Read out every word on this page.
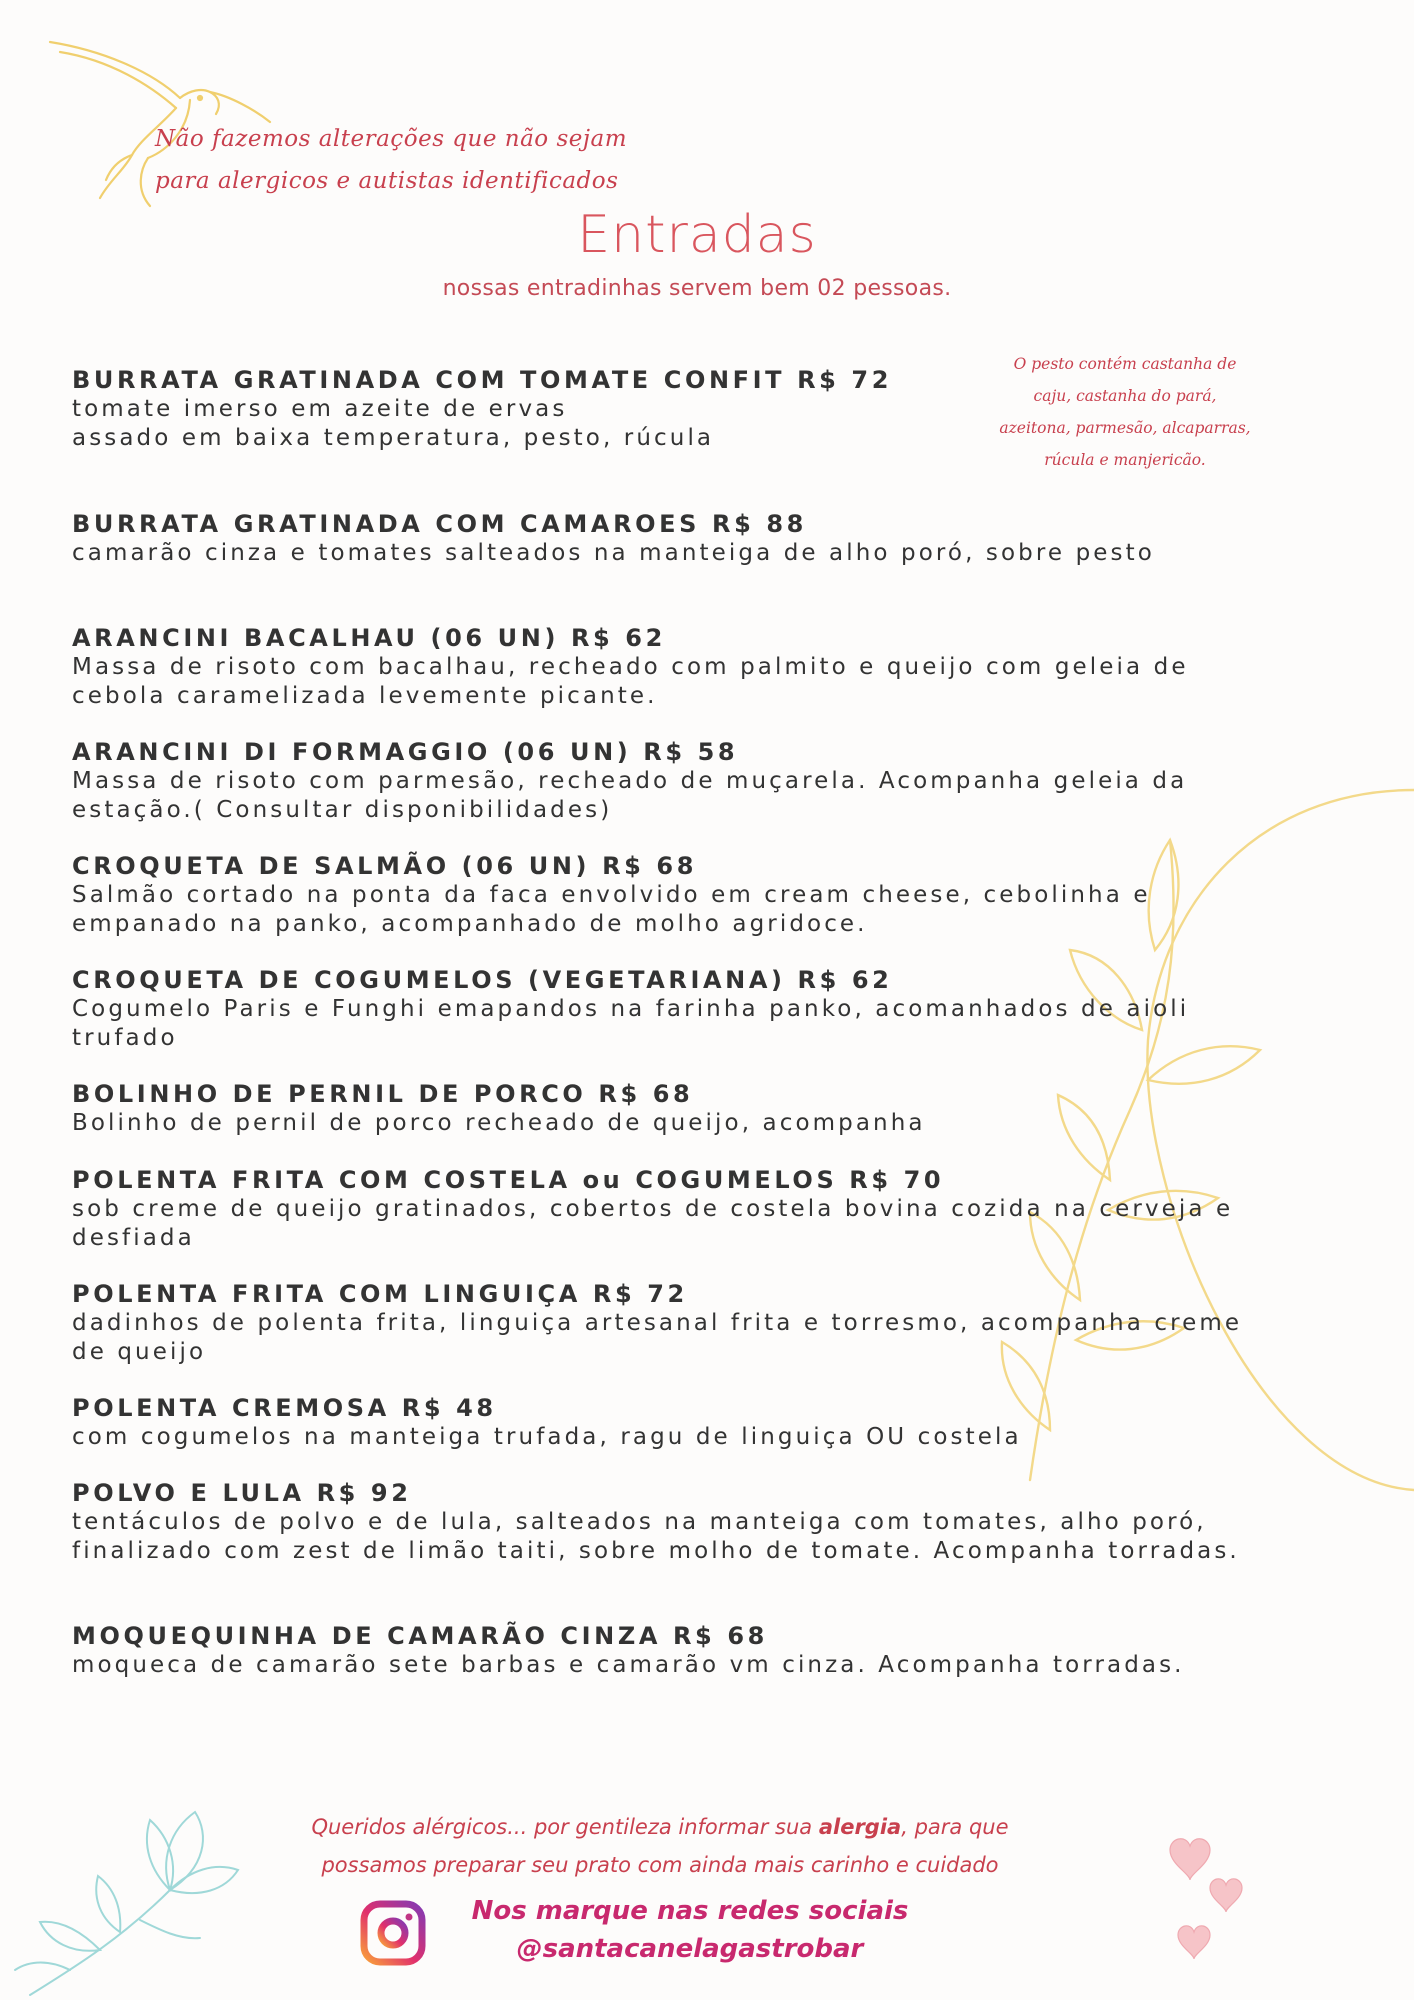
Não fazemos alterações que não sejam
para alergicos e autistas identificados
Entradas
nossas entradinhas servem bem 02 pessoas.
O pesto contém castanha de
caju, castanha do pará,
azeitona, parmesão, alcaparras,
rúcula e manjericão.
BURRATA GRATINADA COM TOMATE CONFIT R$ 72
tomate imerso em azeite de ervas
assado em baixa temperatura, pesto, rúcula
BURRATA GRATINADA COM CAMAROES R$ 88
camarão cinza e tomates salteados na manteiga de alho poró, sobre pesto
ARANCINI BACALHAU (06 UN) R$ 62
Massa de risoto com bacalhau, recheado com palmito e queijo com geleia de
cebola caramelizada levemente picante.
ARANCINI DI FORMAGGIO (06 UN) R$ 58
Massa de risoto com parmesão, recheado de muçarela. Acompanha geleia da
estação.( Consultar disponibilidades)
CROQUETA DE SALMÃO (06 UN) R$ 68
Salmão cortado na ponta da faca envolvido em cream cheese, cebolinha e
empanado na panko, acompanhado de molho agridoce.
CROQUETA DE COGUMELOS (VEGETARIANA) R$ 62
Cogumelo Paris e Funghi emapandos na farinha panko, acomanhados de aioli
trufado
BOLINHO DE PERNIL DE PORCO R$ 68
Bolinho de pernil de porco recheado de queijo, acompanha
POLENTA FRITA COM COSTELA ou COGUMELOS R$ 70
sob creme de queijo gratinados, cobertos de costela bovina cozida na cerveja e
desfiada
POLENTA FRITA COM LINGUIÇA R$ 72
dadinhos de polenta frita, linguiça artesanal frita e torresmo, acompanha creme
de queijo
POLENTA CREMOSA R$ 48
com cogumelos na manteiga trufada, ragu de linguiça OU costela
POLVO E LULA R$ 92
tentáculos de polvo e de lula, salteados na manteiga com tomates, alho poró,
finalizado com zest de limão taiti, sobre molho de tomate. Acompanha torradas.
MOQUEQUINHA DE CAMARÃO CINZA R$ 68
moqueca de camarão sete barbas e camarão vm cinza. Acompanha torradas.
Queridos alérgicos... por gentileza informar sua alergia, para que
possamos preparar seu prato com ainda mais carinho e cuidado
Nos marque nas redes sociais
@santacanelagastrobar
